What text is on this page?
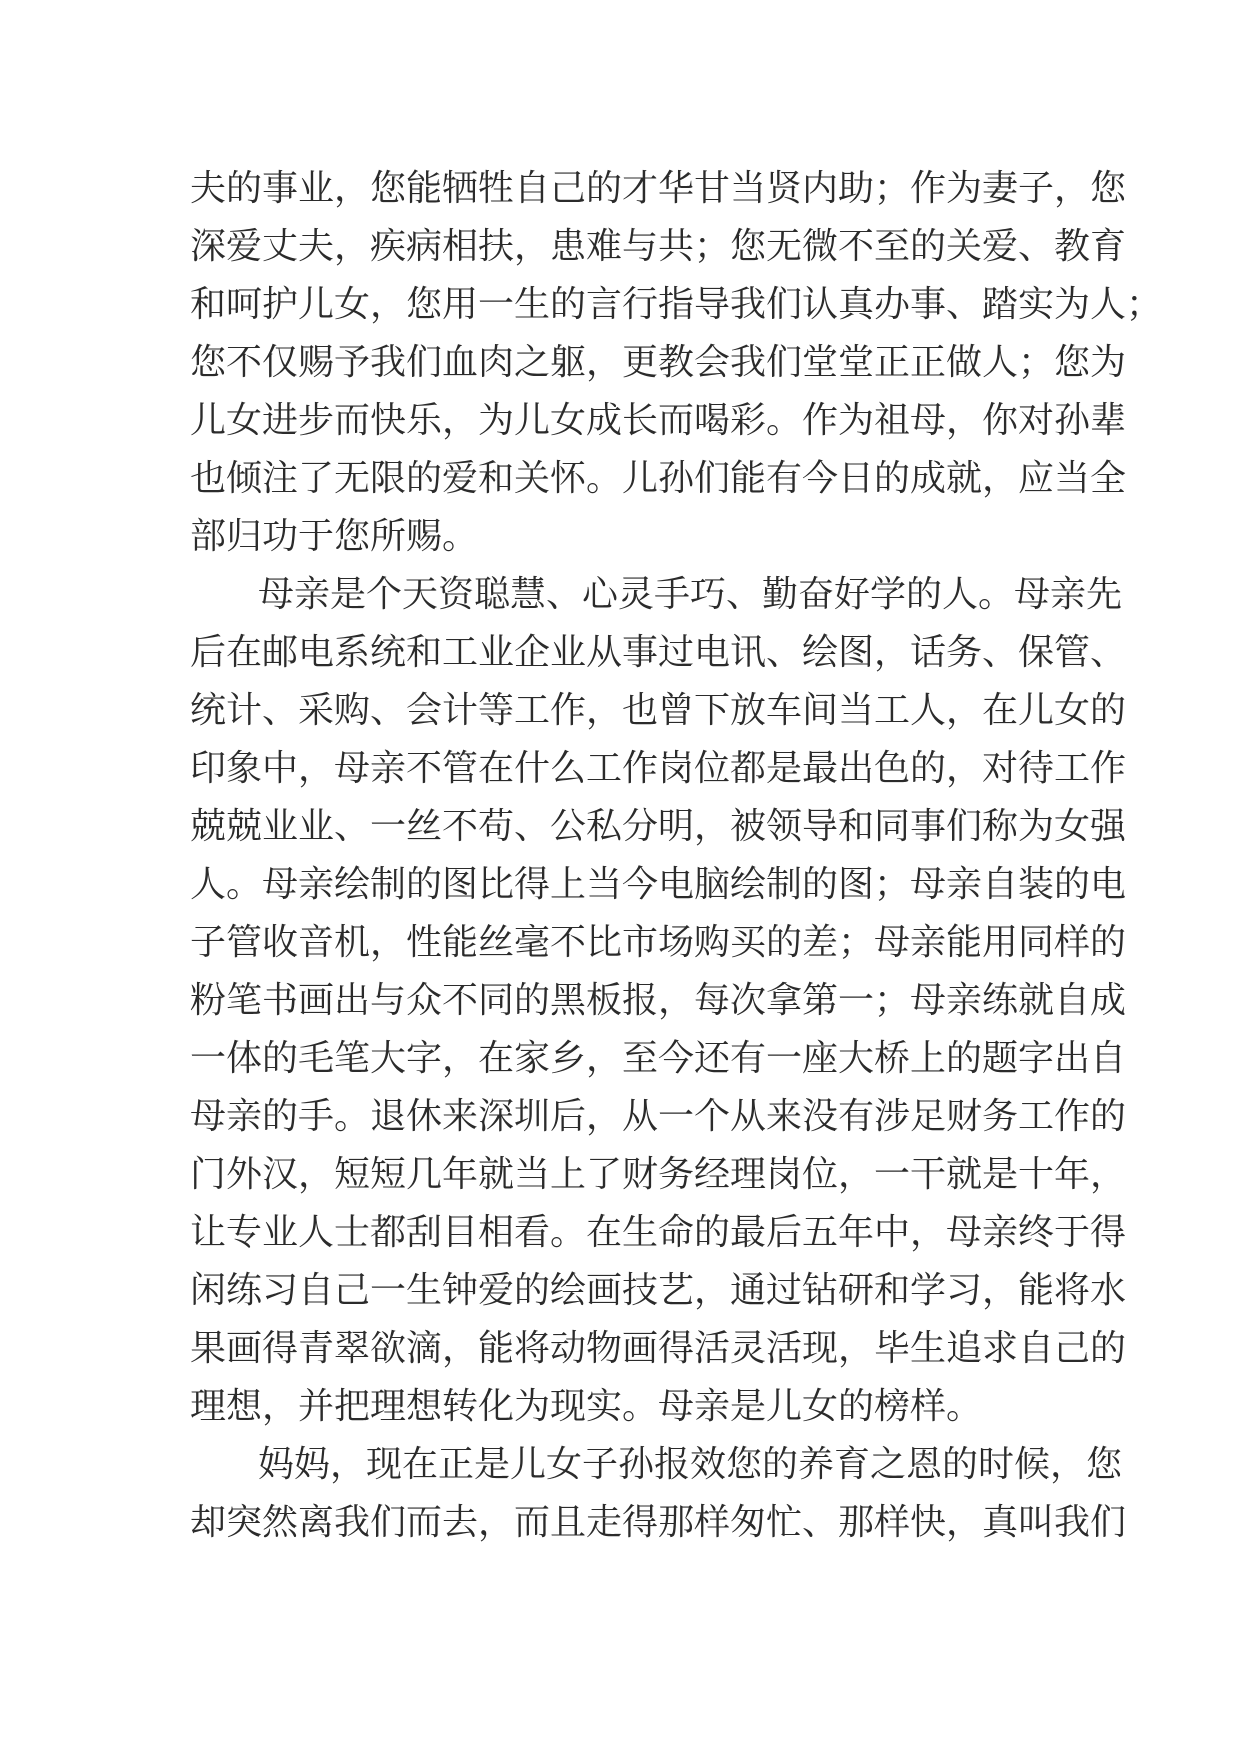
夫的事业，您能牺牲自己的才华甘当贤内助；作为妻子，您
深爱丈夫，疾病相扶，患难与共；您无微不至的关爱、教育
和呵护儿女，您用一生的言行指导我们认真办事、踏实为人；
您不仅赐予我们血肉之躯，更教会我们堂堂正正做人；您为
儿女进步而快乐，为儿女成长而喝彩。作为祖母，你对孙辈
也倾注了无限的爱和关怀。儿孙们能有今日的成就，应当全
部归功于您所赐。
母亲是个天资聪慧、心灵手巧、勤奋好学的人。母亲先
后在邮电系统和工业企业从事过电讯、绘图，话务、保管、
统计、采购、会计等工作，也曾下放车间当工人，在儿女的
印象中，母亲不管在什么工作岗位都是最出色的，对待工作
兢兢业业、一丝不苟、公私分明，被领导和同事们称为女强
人。母亲绘制的图比得上当今电脑绘制的图；母亲自装的电
子管收音机，性能丝毫不比市场购买的差；母亲能用同样的
粉笔书画出与众不同的黑板报，每次拿第一；母亲练就自成
一体的毛笔大字，在家乡，至今还有一座大桥上的题字出自
母亲的手。退休来深圳后，从一个从来没有涉足财务工作的
门外汉，短短几年就当上了财务经理岗位，一干就是十年，
让专业人士都刮目相看。在生命的最后五年中，母亲终于得
闲练习自己一生钟爱的绘画技艺，通过钻研和学习，能将水
果画得青翠欲滴，能将动物画得活灵活现，毕生追求自己的
理想，并把理想转化为现实。母亲是儿女的榜样。
妈妈，现在正是儿女子孙报效您的养育之恩的时候，您
却突然离我们而去，而且走得那样匆忙、那样快，真叫我们
